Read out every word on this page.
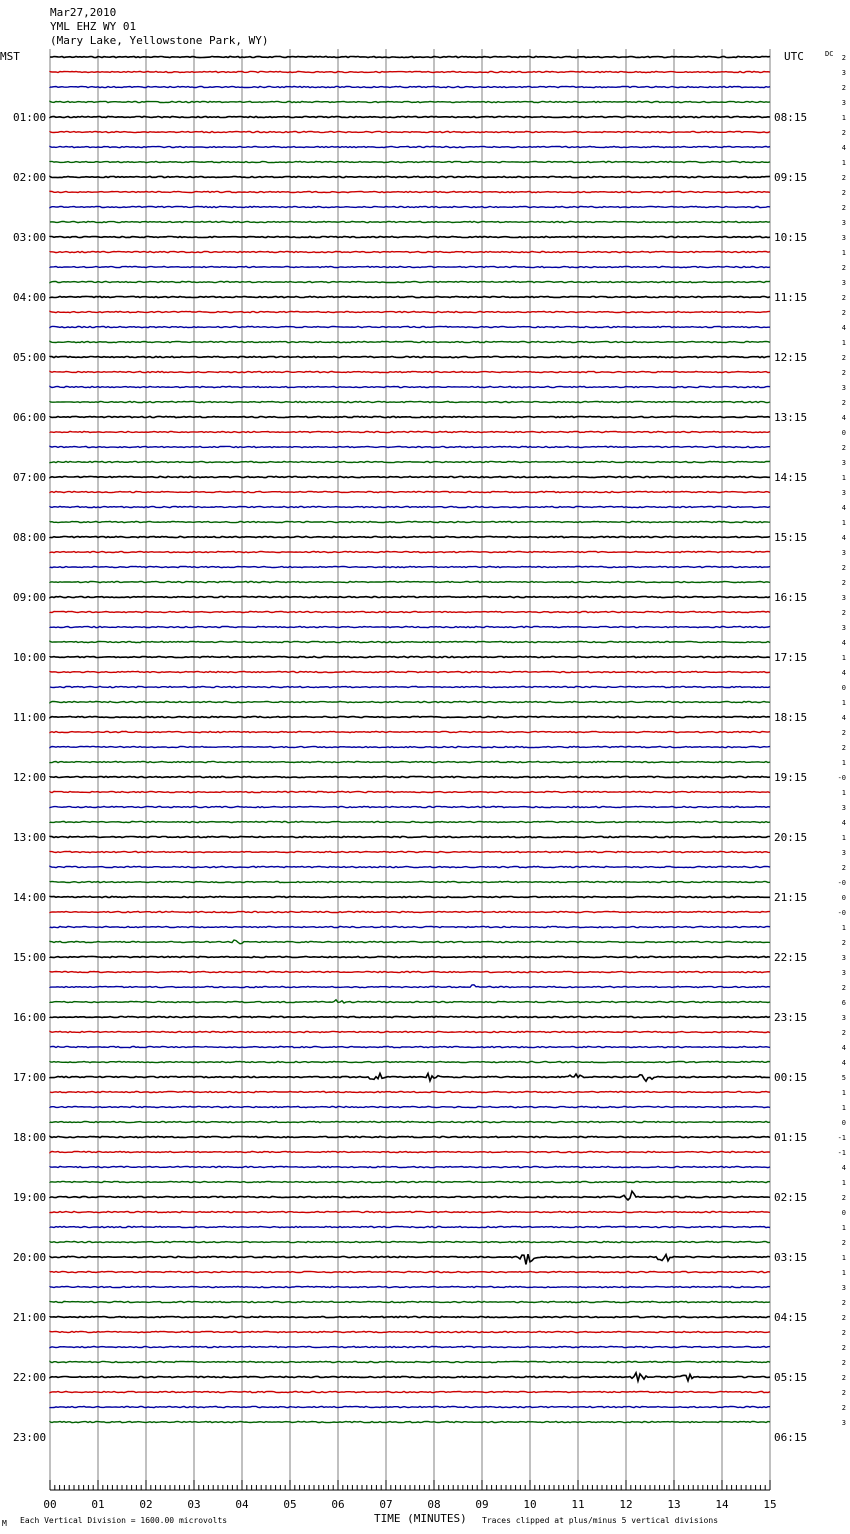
Mar27,2010
YML EHZ WY 01
(Mary Lake, Yellowstone Park, WY)
MST	UTC	DC
01:00
02:00
03:00
04:00
05:00
06:00
07:00
08:00
09:00
10:00
11:00
12:00
13:00
14:00
15:00
16:00
17:00
18:00
19:00
20:00
21:00
22:00
23:00
08:15
09:15
10:15
11:15
12:15
13:15
14:15
15:15
16:15
17:15
18:15
19:15
20:15
21:15
22:15
23:15
00:15
01:15
02:15
03:15
04:15
05:15
06:15
2
3
2
3
1
2
4
1
2
2
2
3
3
1
2
3
2
2
4
1
2
2
3
2
4
0
2
3
1
3
4
1
4
3
2
2
3
2
3
4
1
4
0
1
4
2
2
1
-0
1
3
4
1
3
2
-0
0
-0
1
2
3
3
2
6
3
2
4
4
5
1
1
0
-1
-1
4
1
2
0
1
2
1
1
3
2
2
2
2
2
2
2
2
3
00	01	02	03	04	05	06	07	08	09	10	11	12	13	14	15
TIME (MINUTES)
M Each Vertical Division = 1600.00 microvolts	Traces clipped at plus/minus 5 vertical divisions
